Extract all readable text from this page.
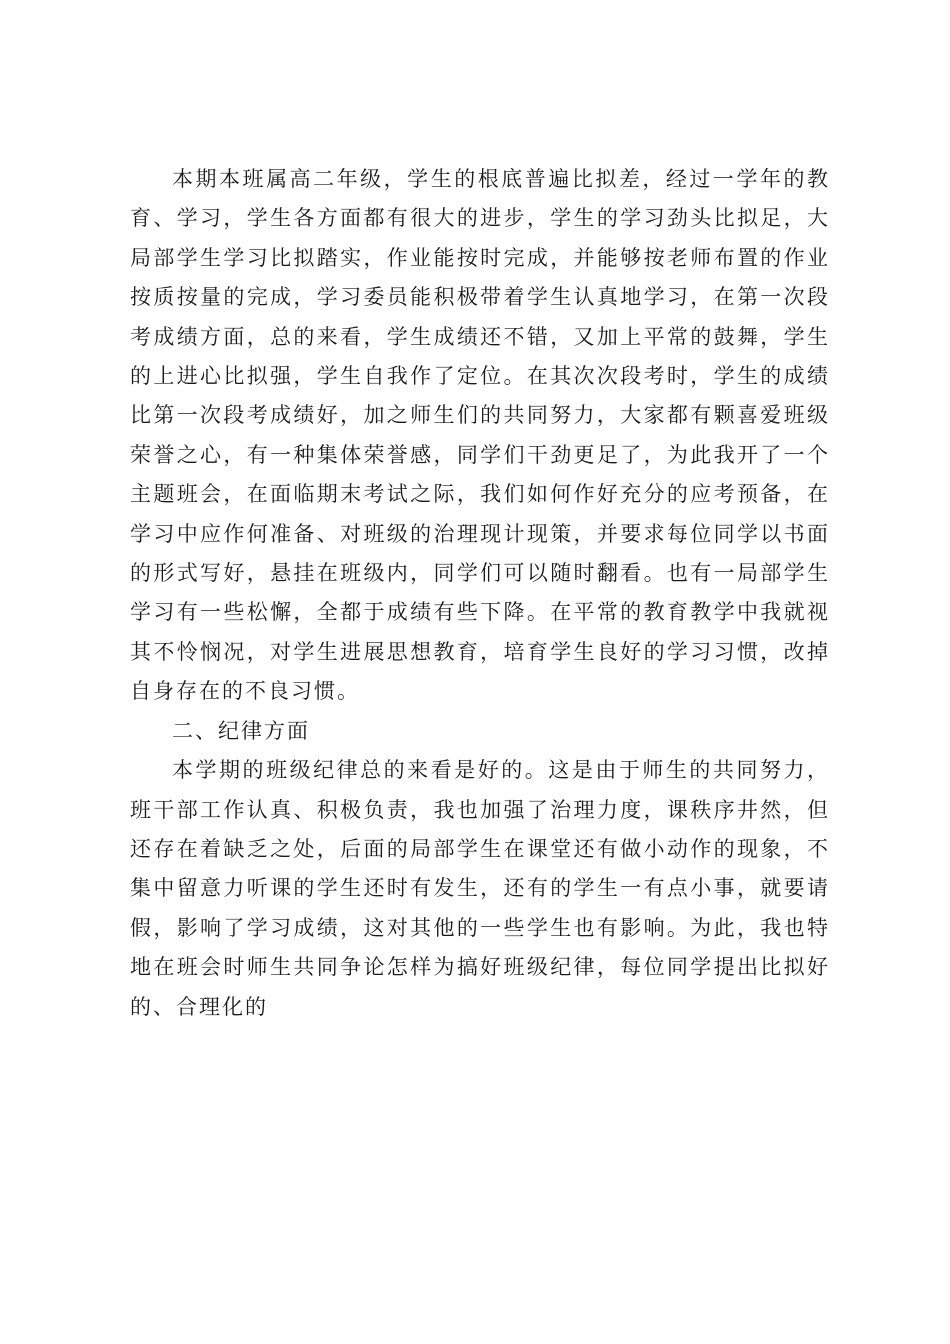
本期本班属高二年级，学生的根底普遍比拟差，经过一学年的教育、学习，学生各方面都有很大的进步，学生的学习劲头比拟足，大局部学生学习比拟踏实，作业能按时完成，并能够按老师布置的作业按质按量的完成，学习委员能积极带着学生认真地学习，在第一次段考成绩方面，总的来看，学生成绩还不错，又加上平常的鼓舞，学生的上进心比拟强，学生自我作了定位。在其次次段考时，学生的成绩比第一次段考成绩好，加之师生们的共同努力，大家都有颗喜爱班级荣誉之心，有一种集体荣誉感，同学们干劲更足了，为此我开了一个主题班会，在面临期末考试之际，我们如何作好充分的应考预备，在学习中应作何准备、对班级的治理现计现策，并要求每位同学以书面的形式写好，悬挂在班级内，同学们可以随时翻看。也有一局部学生学习有一些松懈，全都于成绩有些下降。在平常的教育教学中我就视其不怜悯况，对学生进展思想教育，培育学生良好的学习习惯，改掉自身存在的不良习惯。

二、纪律方面

本学期的班级纪律总的来看是好的。这是由于师生的共同努力，班干部工作认真、积极负责，我也加强了治理力度，课秩序井然，但还存在着缺乏之处，后面的局部学生在课堂还有做小动作的现象，不集中留意力听课的学生还时有发生，还有的学生一有点小事，就要请假，影响了学习成绩，这对其他的一些学生也有影响。为此，我也特地在班会时师生共同争论怎样为搞好班级纪律，每位同学提出比拟好的、合理化的
